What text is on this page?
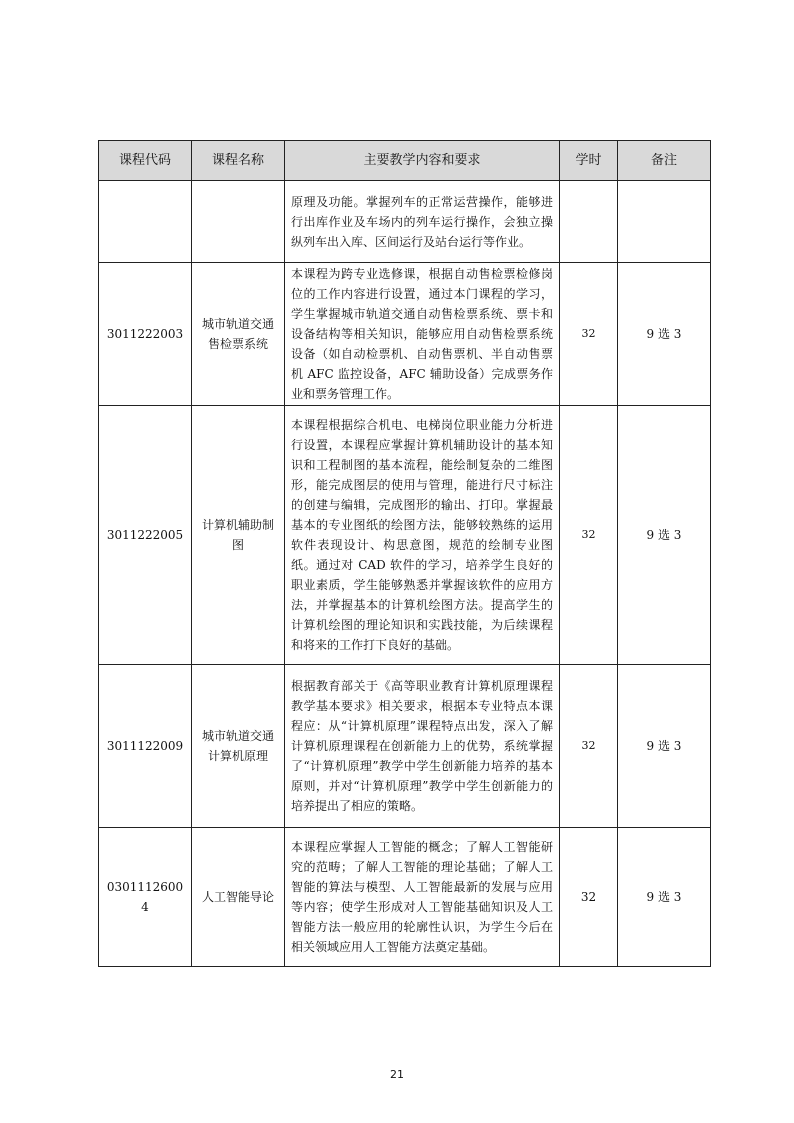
课程代码	课程名称	主要教学内容和要求	学时	备注
		原理及功能。掌握列车的正常运营操作，能够进行出库作业及车场内的列车运行操作，会独立操纵列车出入库、区间运行及站台运行等作业。		
3011222003	城市轨道交通售检票系统	本课程为跨专业选修课，根据自动售检票检修岗位的工作内容进行设置，通过本门课程的学习，学生掌握城市轨道交通自动售检票系统、票卡和设备结构等相关知识，能够应用自动售检票系统设备（如自动检票机、自动售票机、半自动售票机 AFC 监控设备，AFC 辅助设备）完成票务作业和票务管理工作。	32	9 选 3
3011222005	计算机辅助制图	本课程根据综合机电、电梯岗位职业能力分析进行设置，本课程应掌握计算机辅助设计的基本知识和工程制图的基本流程，能绘制复杂的二维图形，能完成图层的使用与管理，能进行尺寸标注的创建与编辑，完成图形的输出、打印。掌握最基本的专业图纸的绘图方法，能够较熟练的运用软件表现设计、构思意图，规范的绘制专业图纸。通过对 CAD 软件的学习，培养学生良好的职业素质，学生能够熟悉并掌握该软件的应用方法，并掌握基本的计算机绘图方法。提高学生的计算机绘图的理论知识和实践技能，为后续课程和将来的工作打下良好的基础。	32	9 选 3
3011122009	城市轨道交通计算机原理	根据教育部关于《高等职业教育计算机原理课程教学基本要求》相关要求，根据本专业特点本课程应：从“计算机原理”课程特点出发，深入了解计算机原理课程在创新能力上的优势，系统掌握了“计算机原理”教学中学生创新能力培养的基本原则，并对“计算机原理”教学中学生创新能力的培养提出了相应的策略。	32	9 选 3
03011126004	人工智能导论	本课程应掌握人工智能的概念；了解人工智能研究的范畴；了解人工智能的理论基础；了解人工智能的算法与模型、人工智能最新的发展与应用等内容；使学生形成对人工智能基础知识及人工智能方法一般应用的轮廓性认识，为学生今后在相关领域应用人工智能方法奠定基础。	32	9 选 3
21
